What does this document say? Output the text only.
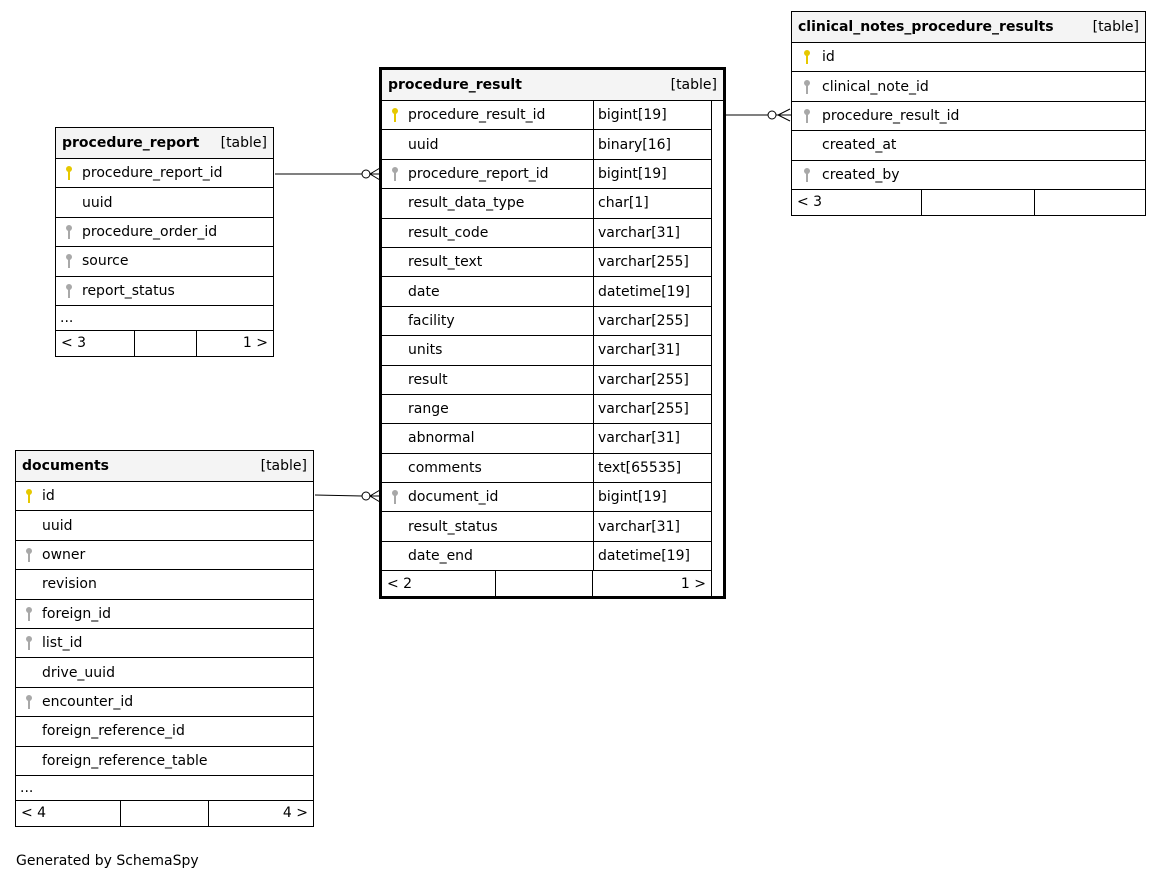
clinical_notes_procedure_results	[table]
id
clinical_note_id
procedure_result_id
created_at
created_by
< 3
procedure_result	[table]
procedure_result_id	bigint[19]
uuid	binary[16]
procedure_report_id	bigint[19]
result_data_type	char[1]
result_code	varchar[31]
result_text	varchar[255]
date	datetime[19]
facility	varchar[255]
units	varchar[31]
result	varchar[255]
range	varchar[255]
abnormal	varchar[31]
comments	text[65535]
document_id	bigint[19]
result_status	varchar[31]
date_end	datetime[19]
< 2	1 >
procedure_report [table]
procedure_report_id
uuid
procedure_order_id
source
report_status
...
< 3	1 >
documents	[table]
id
uuid
owner
revision
foreign_id
list_id
drive_uuid
encounter_id
foreign_reference_id
foreign_reference_table
...
< 4	4 >
Generated by SchemaSpy
